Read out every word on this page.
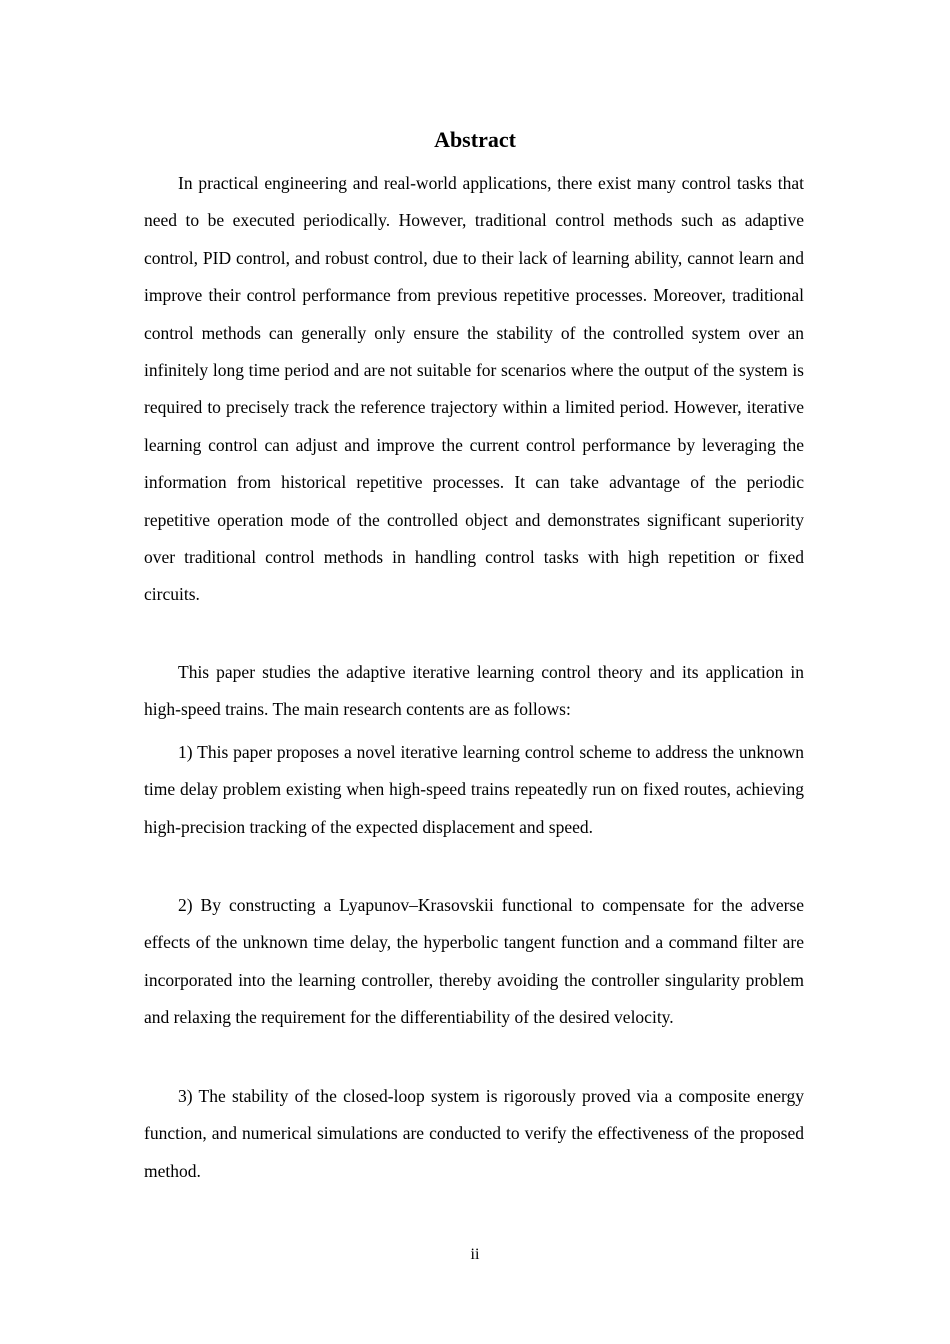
Abstract

In practical engineering and real-world applications, there exist many control tasks that need to be executed periodically. However, traditional control methods such as adaptive control, PID control, and robust control, due to their lack of learning ability, cannot learn and improve their control performance from previous repetitive processes. Moreover, traditional control methods can generally only ensure the stability of the controlled system over an infinitely long time period and are not suitable for scenarios where the output of the system is required to precisely track the reference trajectory within a limited period. However, iterative learning control can adjust and improve the current control performance by leveraging the information from historical repetitive processes. It can take advantage of the periodic repetitive operation mode of the controlled object and demonstrates significant superiority over traditional control methods in handling control tasks with high repetition or fixed circuits.

This paper studies the adaptive iterative learning control theory and its application in high-speed trains. The main research contents are as follows:

1) This paper proposes a novel iterative learning control scheme to address the unknown time delay problem existing when high-speed trains repeatedly run on fixed routes, achieving high-precision tracking of the expected displacement and speed.

2) By constructing a Lyapunov–Krasovskii functional to compensate for the adverse effects of the unknown time delay, the hyperbolic tangent function and a command filter are incorporated into the learning controller, thereby avoiding the controller singularity problem and relaxing the requirement for the differentiability of the desired velocity.

3) The stability of the closed-loop system is rigorously proved via a composite energy function, and numerical simulations are conducted to verify the effectiveness of the proposed method.

ii
